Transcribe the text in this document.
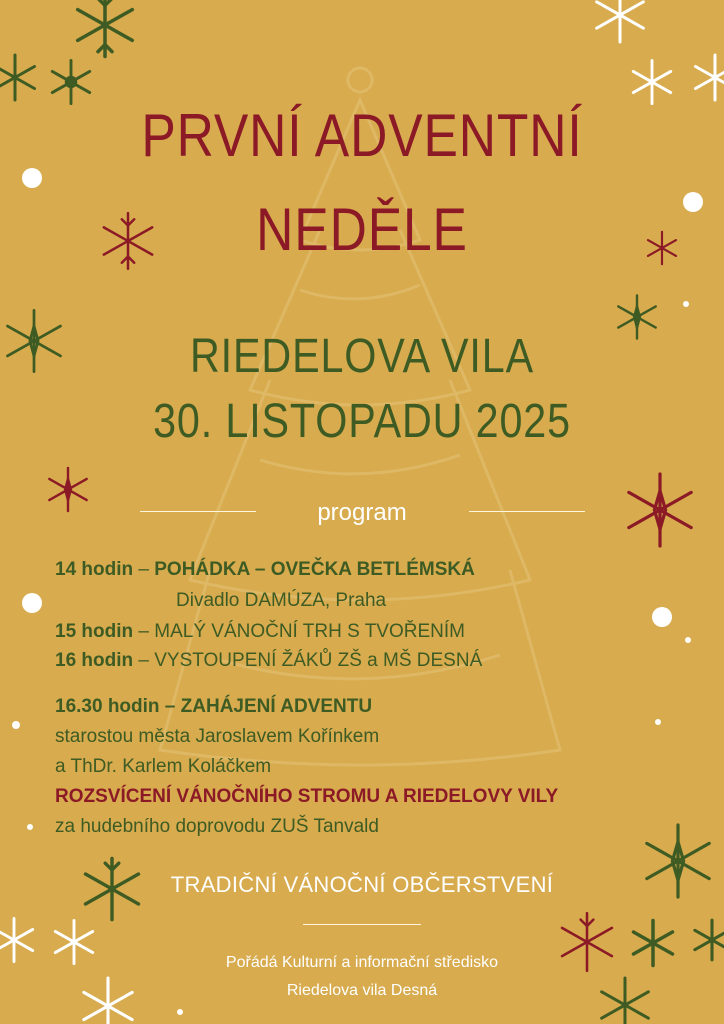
PRVNÍ ADVENTNÍ
NEDĚLE
RIEDELOVA VILA
30. LISTOPADU 2025
program
14 hodin – POHÁDKA – OVEČKA BETLÉMSKÁ
Divadlo DAMÚZA, Praha
15 hodin – MALÝ VÁNOČNÍ TRH S TVOŘENÍM
16 hodin – VYSTOUPENÍ ŽÁKŮ ZŠ a MŠ DESNÁ
16.30 hodin – ZAHÁJENÍ ADVENTU
starostou města Jaroslavem Kořínkem
a ThDr. Karlem Koláčkem
ROZSVÍCENÍ VÁNOČNÍHO STROMU A RIEDELOVY VILY
za hudebního doprovodu ZUŠ Tanvald
TRADIČNÍ VÁNOČNÍ OBČERSTVENÍ
Pořádá Kulturní a informační středisko
Riedelova vila Desná
